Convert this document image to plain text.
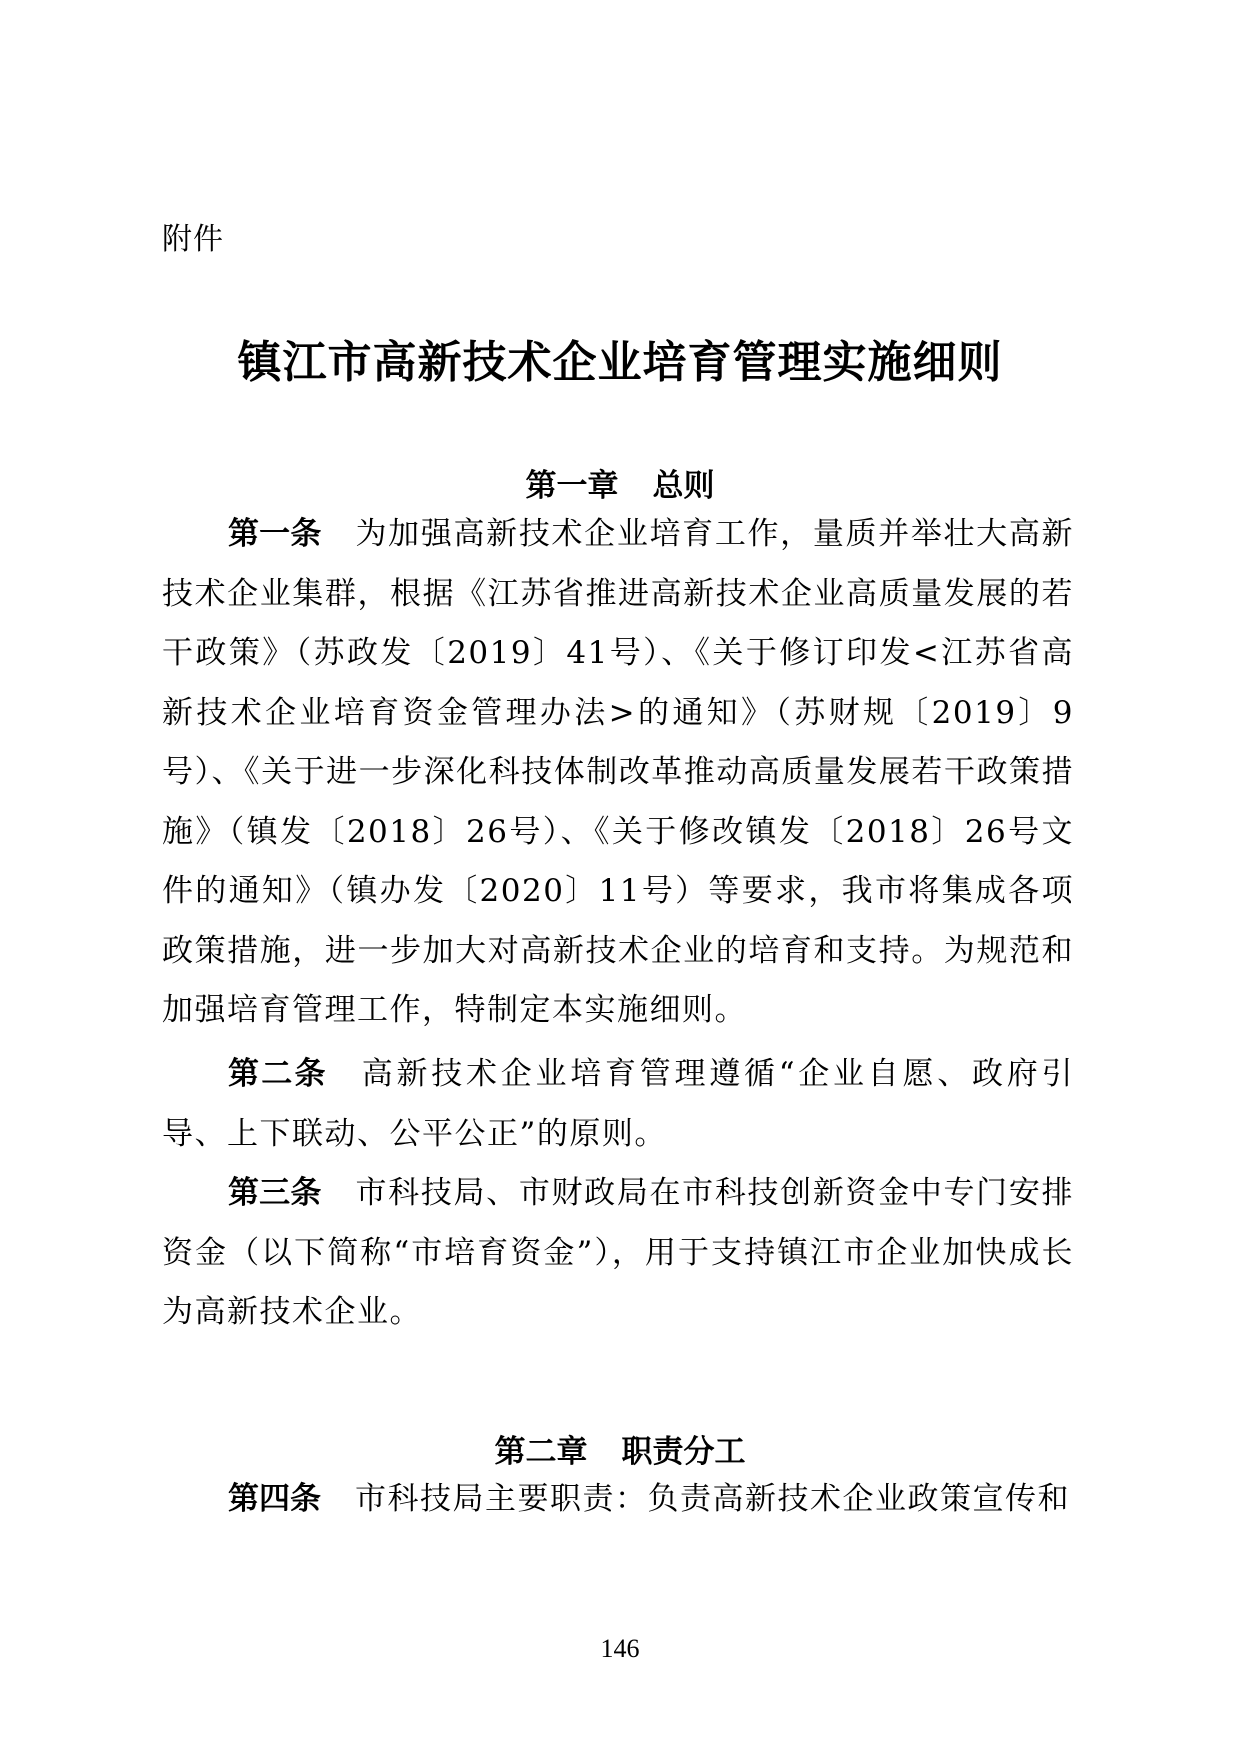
附件
镇江市高新技术企业培育管理实施细则
第一章 总则
第一条 为加强高新技术企业培育工作，量质并举壮大高新技术企业集群，根据《江苏省推进高新技术企业高质量发展的若干政策》（苏政发〔2019〕41号）、《关于修订印发<江苏省高新技术企业培育资金管理办法>的通知》（苏财规〔2019〕9号）、《关于进一步深化科技体制改革推动高质量发展若干政策措施》（镇发〔2018〕26号）、《关于修改镇发〔2018〕26号文件的通知》（镇办发〔2020〕11号）等要求，我市将集成各项政策措施，进一步加大对高新技术企业的培育和支持。为规范和加强培育管理工作，特制定本实施细则。
第二条 高新技术企业培育管理遵循“企业自愿、政府引导、上下联动、公平公正”的原则。
第三条 市科技局、市财政局在市科技创新资金中专门安排资金（以下简称“市培育资金”），用于支持镇江市企业加快成长为高新技术企业。
第二章 职责分工
第四条 市科技局主要职责：负责高新技术企业政策宣传和
146
